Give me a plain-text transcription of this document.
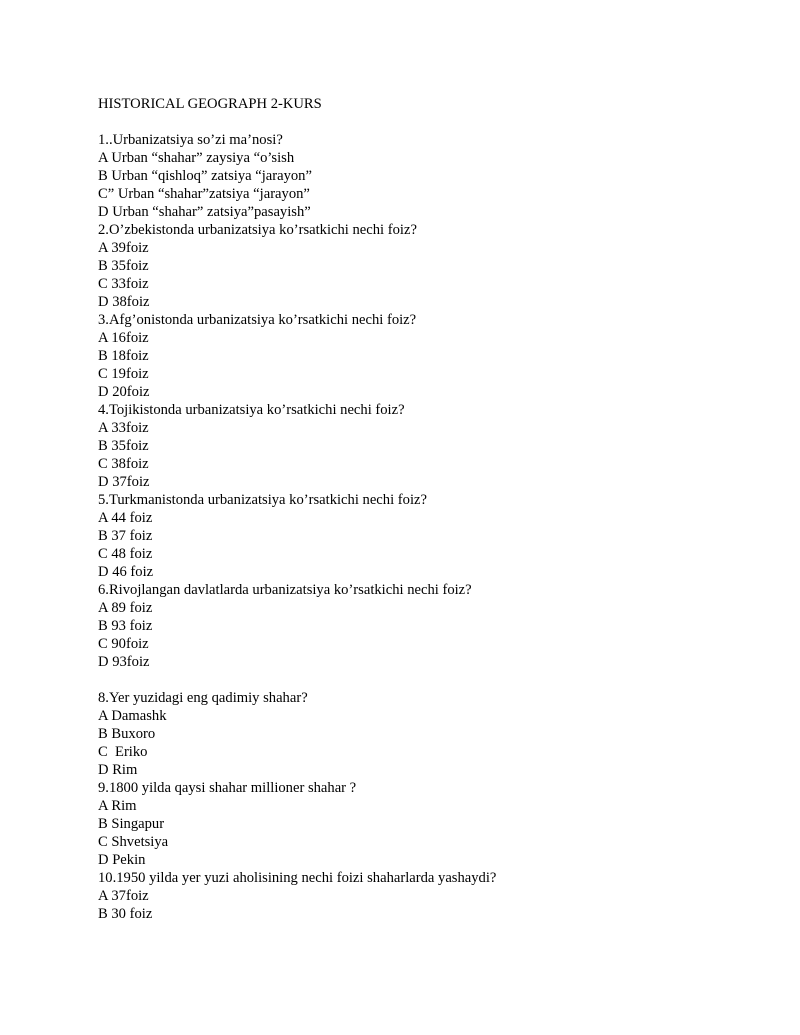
HISTORICAL GEOGRAPH 2-KURS
1..Urbanizatsiya so’zi ma’nosi?
A Urban “shahar” zaysiya “o’sish
B Urban “qishloq” zatsiya “jarayon”
C” Urban “shahar”zatsiya “jarayon”
D Urban “shahar” zatsiya”pasayish”
2.O’zbekistonda urbanizatsiya ko’rsatkichi nechi foiz?
A 39foiz
B 35foiz
C 33foiz
D 38foiz
3.Afg’onistonda urbanizatsiya ko’rsatkichi nechi foiz?
A 16foiz
B 18foiz
C 19foiz
D 20foiz
4.Tojikistonda urbanizatsiya ko’rsatkichi nechi foiz?
A 33foiz
B 35foiz
C 38foiz
D 37foiz
5.Turkmanistonda urbanizatsiya ko’rsatkichi nechi foiz?
A 44 foiz
B 37 foiz
C 48 foiz
D 46 foiz
6.Rivojlangan davlatlarda urbanizatsiya ko’rsatkichi nechi foiz?
A 89 foiz
B 93 foiz
C 90foiz
D 93foiz
8.Yer yuzidagi eng qadimiy shahar?
A Damashk
B Buxoro
C  Eriko
D Rim
9.1800 yilda qaysi shahar millioner shahar ?
A Rim
B Singapur
C Shvetsiya
D Pekin
10.1950 yilda yer yuzi aholisining nechi foizi shaharlarda yashaydi?
A 37foiz
B 30 foiz
